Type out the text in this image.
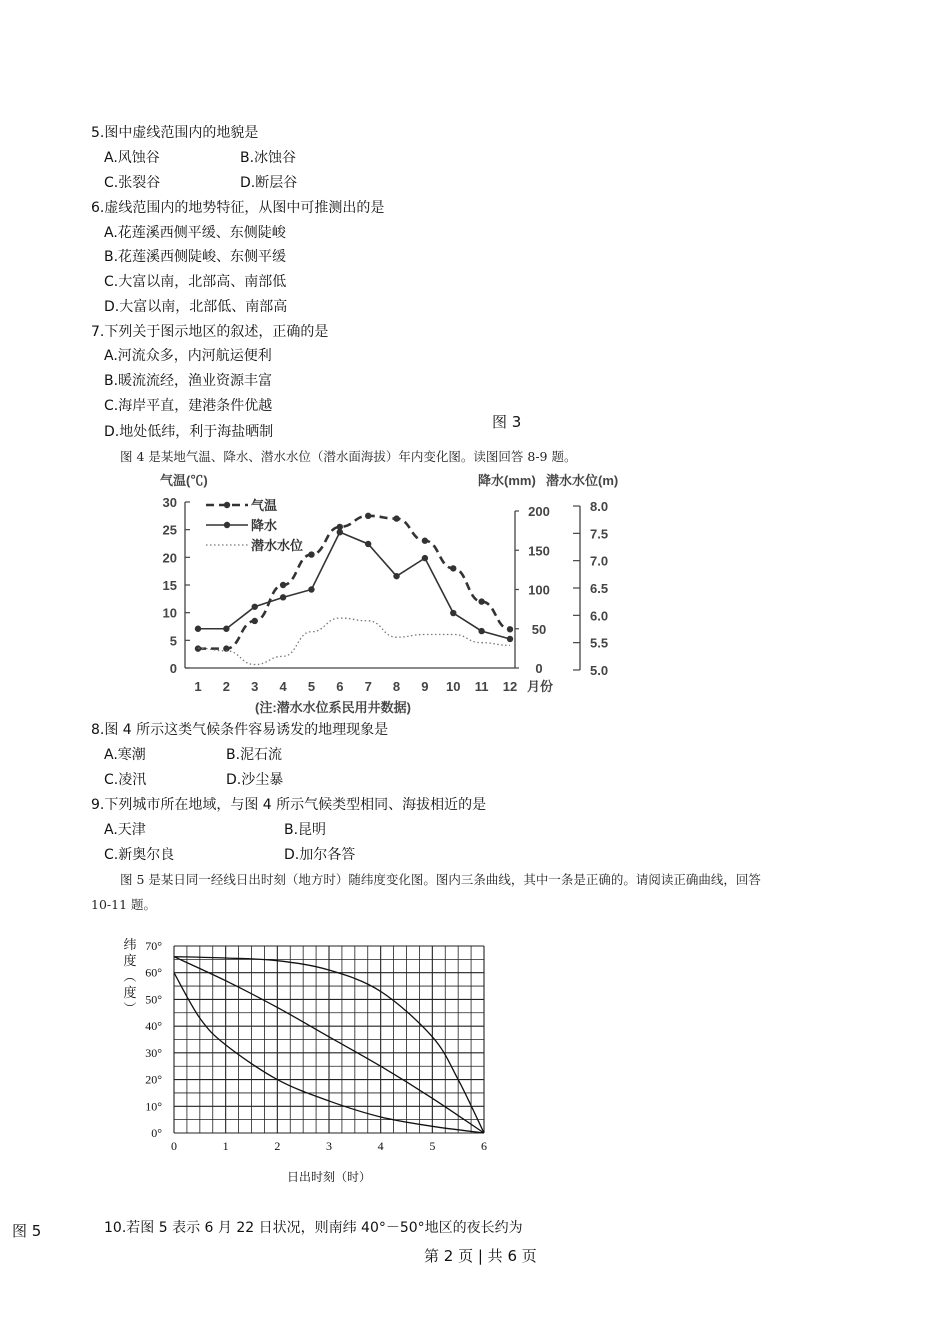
5.图中虚线范围内的地貌是
A.风蚀谷	B.冰蚀谷
C.张裂谷	D.断层谷
6.虚线范围内的地势特征，从图中可推测出的是
A.花莲溪西侧平缓、东侧陡峻
B.花莲溪西侧陡峻、东侧平缓
C.大富以南，北部高、南部低
D.大富以南，北部低、南部高
7.下列关于图示地区的叙述，正确的是
A.河流众多，内河航运便利
B.暖流流经，渔业资源丰富
C.海岸平直，建港条件优越
图 3
D.地处低纬，利于海盐晒制
图 4 是某地气温、降水、潜水水位（潜水面海拔）年内变化图。读图回答 8-9 题。
气温
降水
潜水水位
0
5
10
15
20
25
30
0
50
100
150
200
5.0
5.5
6.0
6.5
7.0
7.5
8.0
1 2 3 4 5 6 7 8 9 10 11 12 月份
气温(℃)	降水(mm) 潜水水位(m)
(注:潜水水位系民用井数据)
8.图 4 所示这类气候条件容易诱发的地理现象是
A.寒潮	B.泥石流
C.凌汛	D.沙尘暴
9.下列城市所在地域，与图 4 所示气候类型相同、海拔相近的是
A.天津	B.昆明
C.新奥尔良	D.加尔各答
图 5 是某日同一经线日出时刻（地方时）随纬度变化图。图内三条曲线，其中一条是正确的。请阅读正确曲线，回答
10-11 题。
0°
10°
20°
30°
40°
50°
60°
70°
0	1	2	3	4	5	6
日出时刻（时）
纬
度
（
度
）
图 5	10.若图 5 表示 6 月 22 日状况，则南纬 40°－50°地区的夜长约为
第 2 页 | 共 6 页
